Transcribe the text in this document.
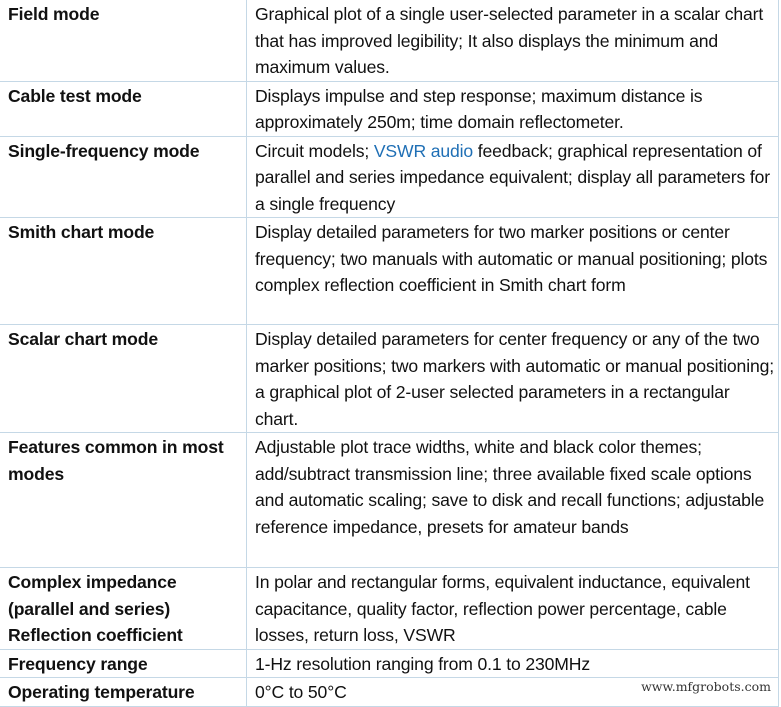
Field mode	Graphical plot of a single user-selected parameter in a scalar chart that has improved legibility; It also displays the minimum and maximum values.
Cable test mode	Displays impulse and step response; maximum distance is approximately 250m; time domain reflectometer.
Single-frequency mode	Circuit models; VSWR audio feedback; graphical representation of parallel and series impedance equivalent; display all parameters for a single frequency
Smith chart mode	Display detailed parameters for two marker positions or center frequency; two manuals with automatic or manual positioning; plots complex reflection coefficient in Smith chart form
Scalar chart mode	Display detailed parameters for center frequency or any of the two marker positions; two markers with automatic or manual positioning; a graphical plot of 2-user selected parameters in a rectangular chart.
Features common in most modes	Adjustable plot trace widths, white and black color themes; add/subtract transmission line; three available fixed scale options and automatic scaling; save to disk and recall functions; adjustable reference impedance, presets for amateur bands
Complex impedance (parallel and series) Reflection coefficient	In polar and rectangular forms, equivalent inductance, equivalent capacitance, quality factor, reflection power percentage, cable losses, return loss, VSWR
Frequency range	1-Hz resolution ranging from 0.1 to 230MHz
Operating temperature	0°C to 50°C	www.mfgrobots.com
